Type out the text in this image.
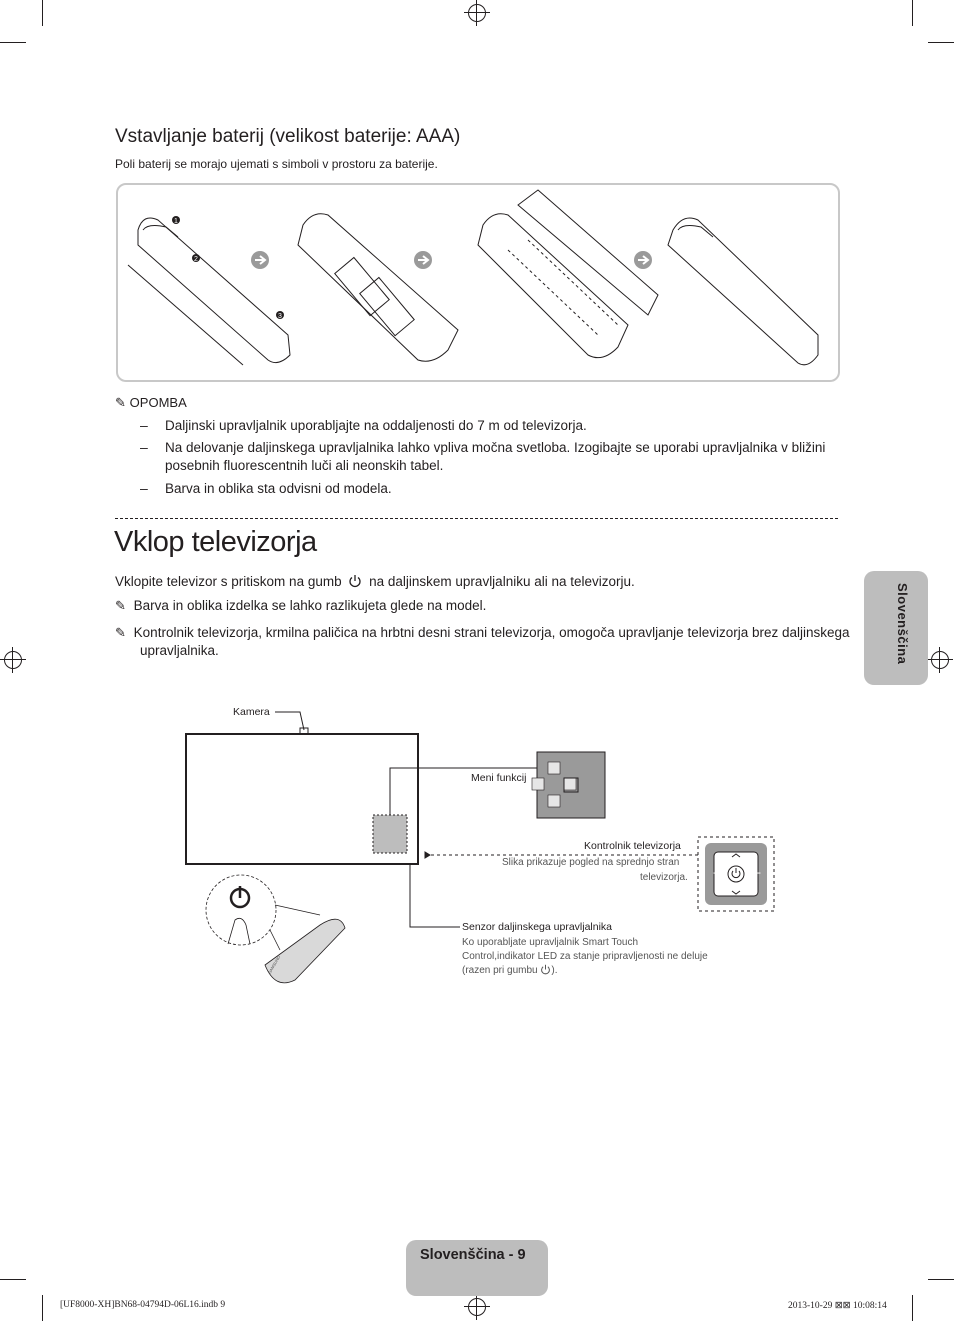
Vstavljanje baterij (velikost baterije: AAA)
Poli baterij se morajo ujemati s simboli v prostoru za baterije.
1
2
3
✎ OPOMBA
–	Daljinski upravljalnik uporabljajte na oddaljenosti do 7 m od televizorja.
–	Na delovanje daljinskega upravljalnika lahko vpliva močna svetloba. Izogibajte se uporabi upravljalnika v bližini
posebnih fluorescentnih luči ali neonskih tabel.
–	Barva in oblika sta odvisni od modela.
Vklop televizorja
Vklopite televizor s pritiskom na gumb na daljinskem upravljalniku ali na televizorju.
✎ Barva in oblika izdelka se lahko razlikujeta glede na model.
✎ Kontrolnik televizorja, krmilna paličica na hrbtni desni strani televizorja, omogoča upravljanje televizorja brez daljinskega
upravljalnika.	Slovenščina
Kamera
Meni funkcij
Kontrolnik televizorja
Slika prikazuje pogled na sprednjo stran
televizorja. +	−
Senzor daljinskega upravljalnika
Ko uporabljate upravljalnik Smart Touch
Control,indikator LED za stanje pripravljenosti ne deluje
(razen pri gumbu ).
SAMSUNG
Slovenščina - 9
[UF8000-XH]BN68-04794D-06L16.indb 9	2013-10-29 ⊠⊠ 10:08:14
